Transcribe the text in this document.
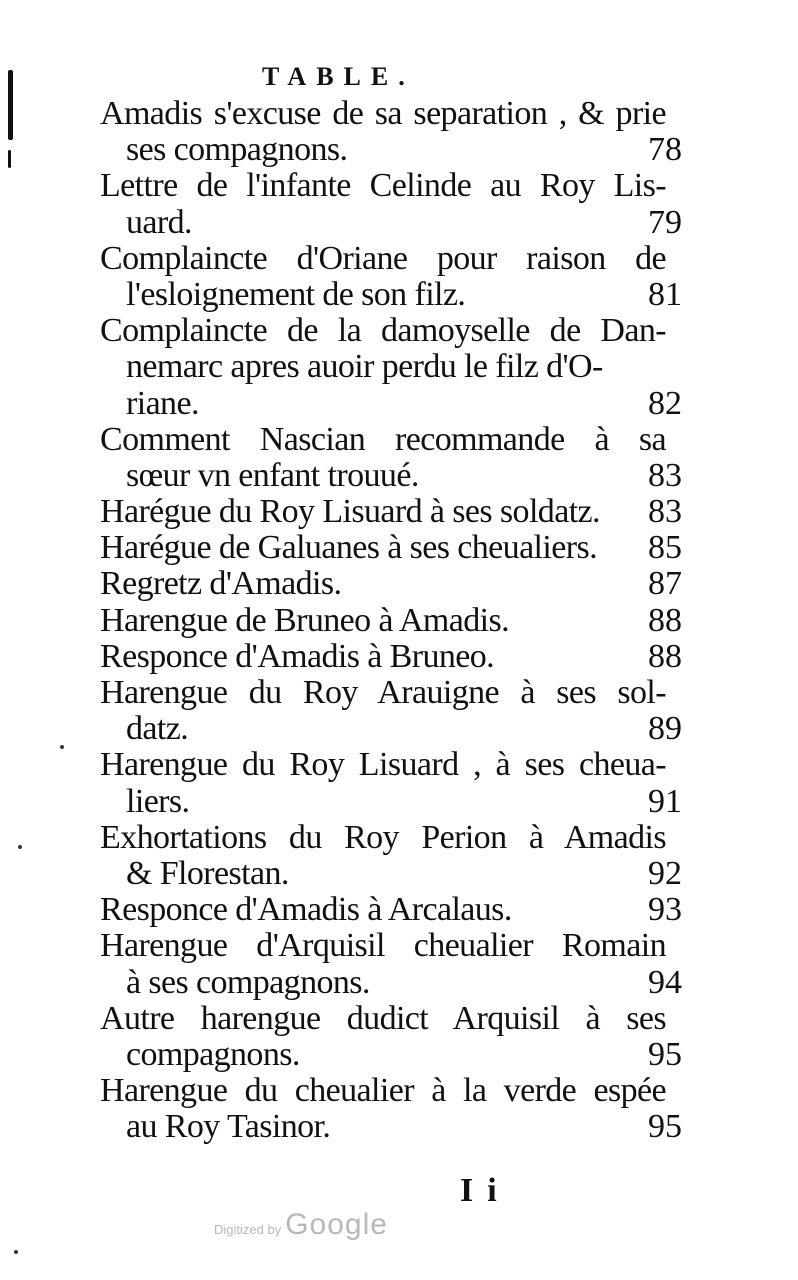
TABLE.
Amadis s'excuse de sa separation , & prie
ses compagnons.	78
Lettre de l'infante Celinde au Roy Lis-
uard.	79
Complaincte d'Oriane pour raison de
l'esloignement de son filz.	81
Complaincte de la damoyselle de Dan-
nemarc apres auoir perdu le filz d'O-
riane.	82
Comment Nascian recommande à sa
sœur vn enfant trouué.	83
Harégue du Roy Lisuard à ses soldatz.	83
Harégue de Galuanes à ses cheualiers.	85
Regretz d'Amadis.	87
Harengue de Bruneo à Amadis.	88
Responce d'Amadis à Bruneo.	88
Harengue du Roy Arauigne à ses sol-
datz.	89
Harengue du Roy Lisuard , à ses cheua-
liers.	91
Exhortations du Roy Perion à Amadis
& Florestan.	92
Responce d'Amadis à Arcalaus.	93
Harengue d'Arquisil cheualier Romain
à ses compagnons.	94
Autre harengue dudict Arquisil à ses
compagnons.	95
Harengue du cheualier à la verde espée
au Roy Tasinor.	95
Ii
Digitized by Google
